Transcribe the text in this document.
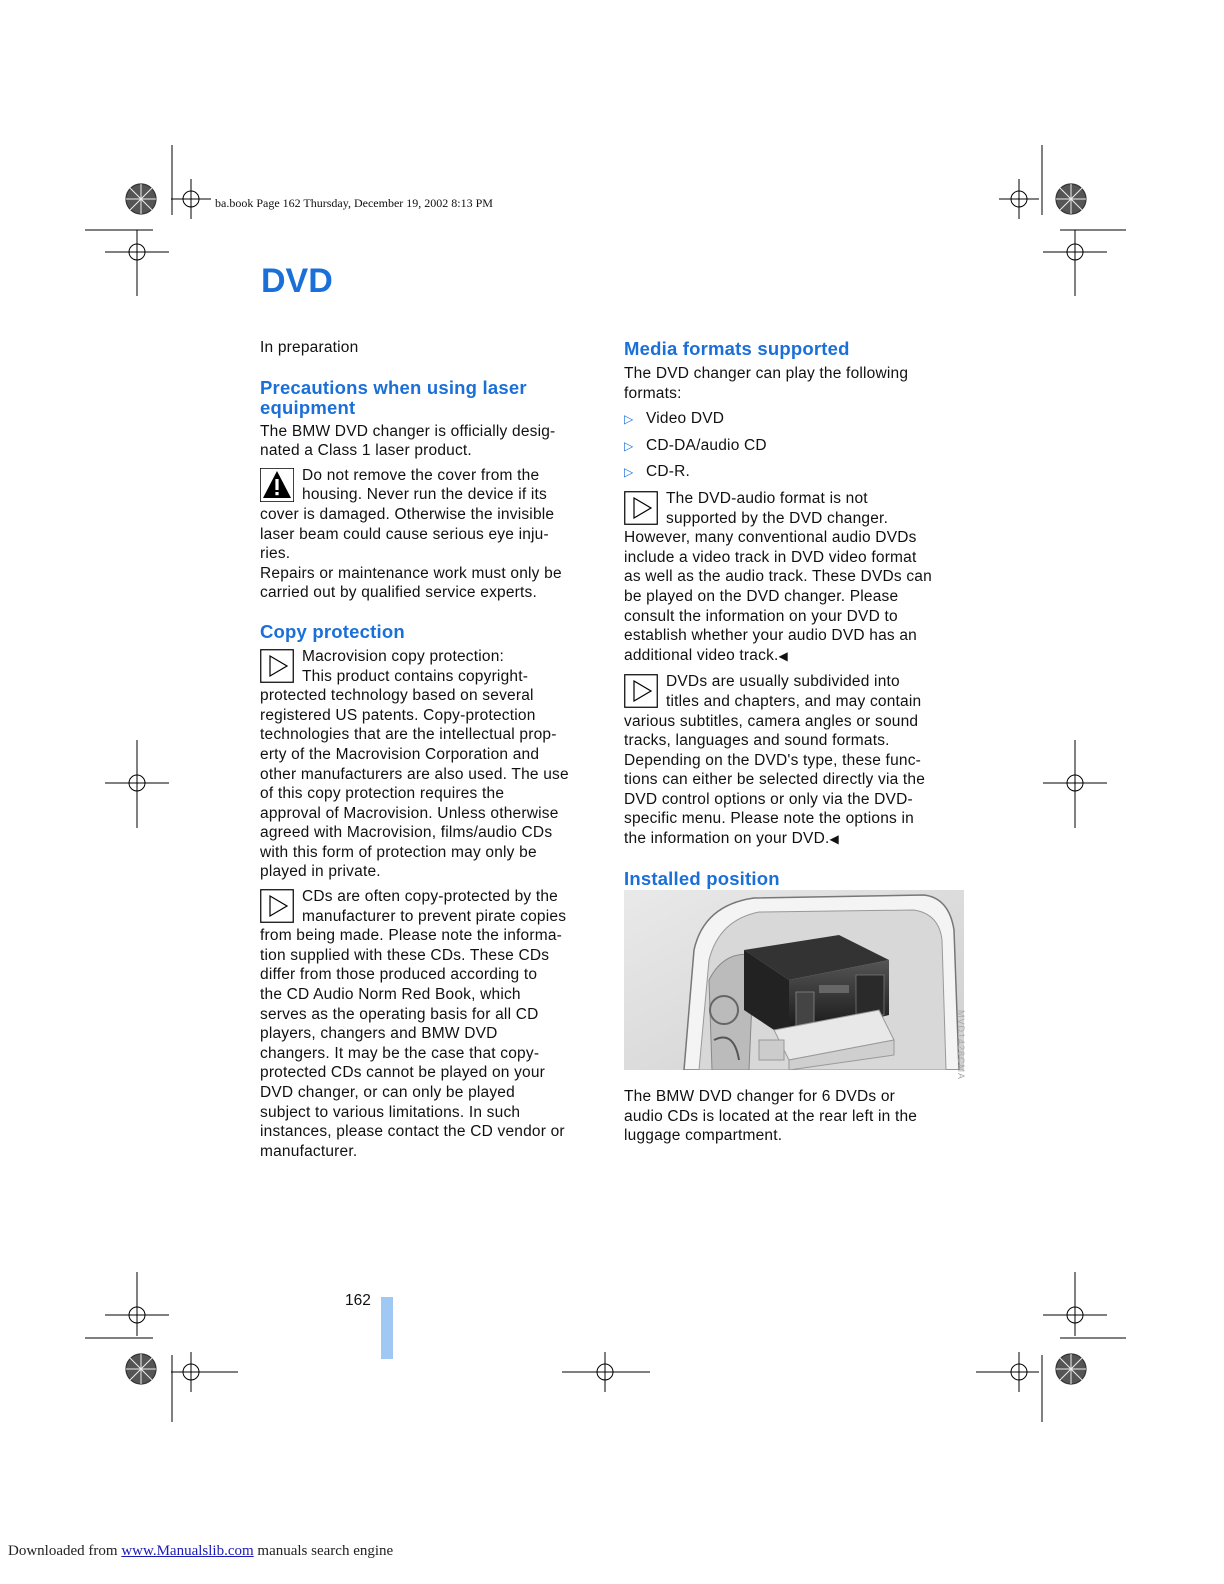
ba.book Page 162 Thursday, December 19, 2002 8:13 PM
DVD

In preparation

Precautions when using laser
equipment

The BMW DVD changer is officially desig-
nated a Class 1 laser product.

Do not remove the cover from the
housing. Never run the device if its
cover is damaged. Otherwise the invisible
laser beam could cause serious eye inju-
ries.
Repairs or maintenance work must only be
carried out by qualified service experts.
Copy protection
Macrovision copy protection:
This product contains copyright-
protected technology based on several
registered US patents. Copy-protection
technologies that are the intellectual prop-
erty of the Macrovision Corporation and
other manufacturers are also used. The use
of this copy protection requires the
approval of Macrovision. Unless otherwise
agreed with Macrovision, films/audio CDs
with this form of protection may only be
played in private.
CDs are often copy-protected by the
manufacturer to prevent pirate copies
from being made. Please note the informa-
tion supplied with these CDs. These CDs
differ from those produced according to
the CD Audio Norm Red Book, which
serves as the operating basis for all CD
players, changers and BMW DVD
changers. It may be the case that copy-
protected CDs cannot be played on your
DVD changer, or can only be played
subject to various limitations. In such
instances, please contact the CD vendor or
manufacturer.
Media formats supported

The DVD changer can play the following
formats:

▷ Video DVD
▷ CD-DA/audio CD
▷ CD-R.
The DVD-audio format is not
supported by the DVD changer.
However, many conventional audio DVDs
include a video track in DVD video format
as well as the audio track. These DVDs can
be played on the DVD changer. Please
consult the information on your DVD to
establish whether your audio DVD has an
additional video track.◀
DVDs are usually subdivided into
titles and chapters, and may contain
various subtitles, camera angles or sound
tracks, languages and sound formats.
Depending on the DVD's type, these func-
tions can either be selected directly via the
DVD control options or only via the DVD-
specific menu. Please note the options in
the information on your DVD.◀
Installed position
MVD1428CMA
The BMW DVD changer for 6 DVDs or
audio CDs is located at the rear left in the
luggage compartment.
162
Downloaded from www.Manualslib.com manuals search engine
